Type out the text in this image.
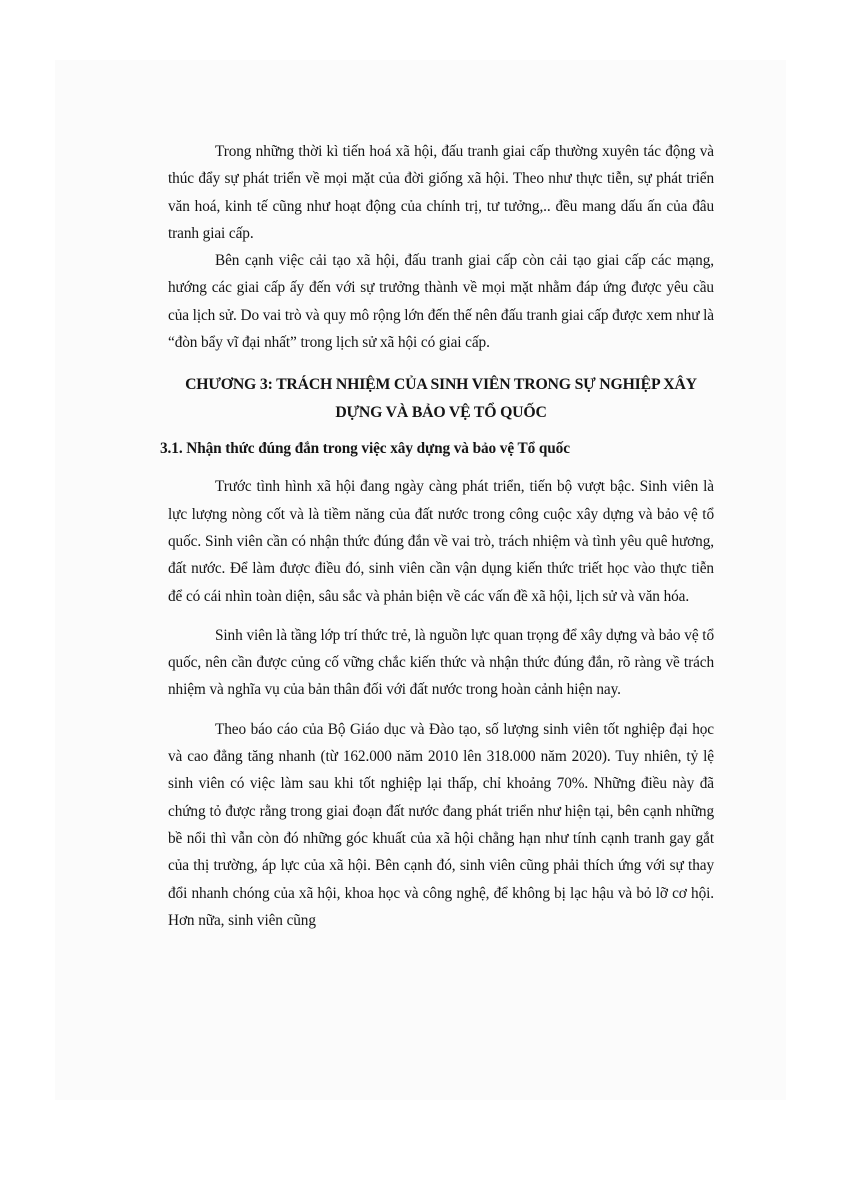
Trong những thời kì tiến hoá xã hội, đấu tranh giai cấp thường xuyên tác động và thúc đẩy sự phát triển về mọi mặt của đời giống xã hội. Theo như thực tiễn, sự phát triển văn hoá, kinh tế cũng như hoạt động của chính trị, tư tưởng,.. đều mang dấu ấn của đâu tranh giai cấp.

Bên cạnh việc cải tạo xã hội, đấu tranh giai cấp còn cải tạo giai cấp các mạng, hướng các giai cấp ấy đến với sự trưởng thành về mọi mặt nhằm đáp ứng được yêu cầu của lịch sử. Do vai trò và quy mô rộng lớn đến thế nên đấu tranh giai cấp được xem như là “đòn bẩy vĩ đại nhất” trong lịch sử xã hội có giai cấp.

CHƯƠNG 3: TRÁCH NHIỆM CỦA SINH VIÊN TRONG SỰ NGHIỆP XÂY DỰNG VÀ BẢO VỆ TỔ QUỐC
3.1. Nhận thức đúng đắn trong việc xây dựng và bảo vệ Tổ quốc

Trước tình hình xã hội đang ngày càng phát triển, tiến bộ vượt bậc. Sinh viên là lực lượng nòng cốt và là tiềm năng của đất nước trong công cuộc xây dựng và bảo vệ tổ quốc. Sinh viên cần có nhận thức đúng đắn về vai trò, trách nhiệm và tình yêu quê hương, đất nước. Để làm được điều đó, sinh viên cần vận dụng kiến thức triết học vào thực tiễn để có cái nhìn toàn diện, sâu sắc và phản biện về các vấn đề xã hội, lịch sử và văn hóa.

Sinh viên là tầng lớp trí thức trẻ, là nguồn lực quan trọng để xây dựng và bảo vệ tổ quốc, nên cần được củng cố vững chắc kiến thức và nhận thức đúng đắn, rõ ràng về trách nhiệm và nghĩa vụ của bản thân đối với đất nước trong hoàn cảnh hiện nay.

Theo báo cáo của Bộ Giáo dục và Đào tạo, số lượng sinh viên tốt nghiệp đại học và cao đẳng tăng nhanh (từ 162.000 năm 2010 lên 318.000 năm 2020). Tuy nhiên, tỷ lệ sinh viên có việc làm sau khi tốt nghiệp lại thấp, chỉ khoảng 70%. Những điều này đã chứng tỏ được rằng trong giai đoạn đất nước đang phát triển như hiện tại, bên cạnh những bề nổi thì vẫn còn đó những góc khuất của xã hội chẳng hạn như tính cạnh tranh gay gắt của thị trường, áp lực của xã hội. Bên cạnh đó, sinh viên cũng phải thích ứng với sự thay đổi nhanh chóng của xã hội, khoa học và công nghệ, để không bị lạc hậu và bỏ lỡ cơ hội. Hơn nữa, sinh viên cũng
